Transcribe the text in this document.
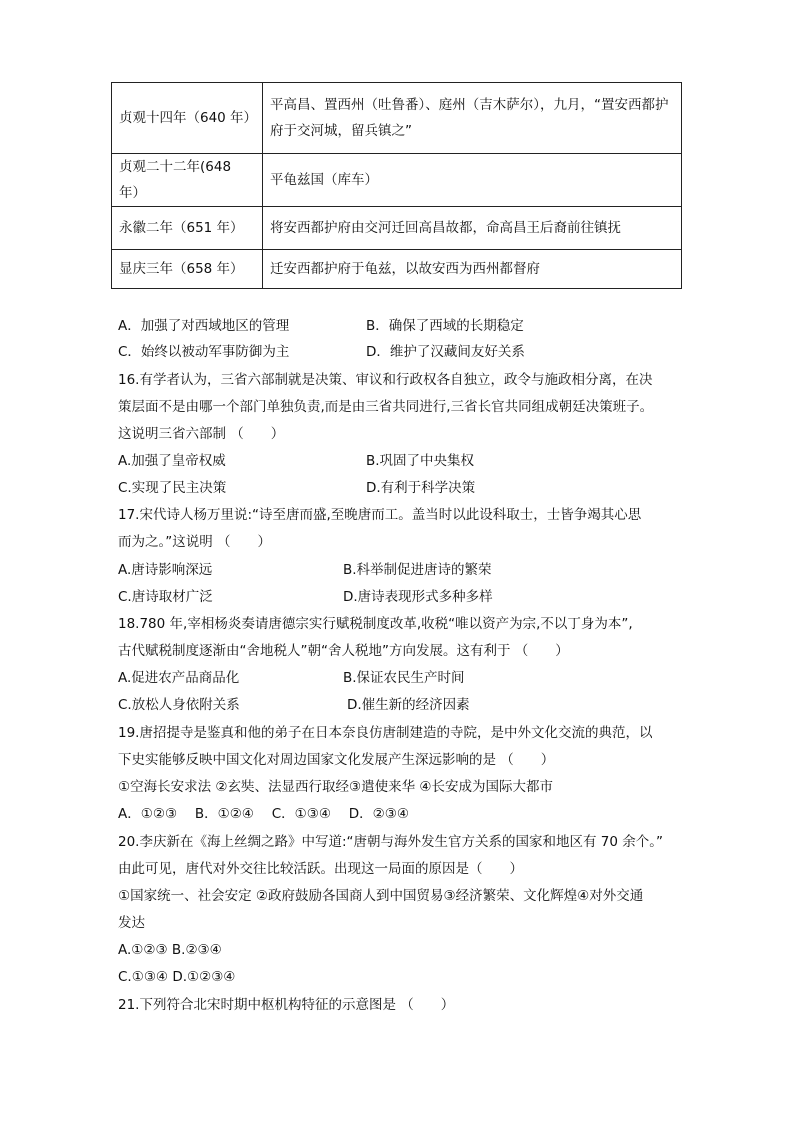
贞观十四年（640 年）	平高昌、置西州（吐鲁番）、庭州（吉木萨尔），九月，“置安西都护府于交河城，留兵镇之”
贞观二十二年(648 年）	平龟兹国（库车）
永徽二年（651 年）	将安西都护府由交河迁回高昌故都，命高昌王后裔前往镇抚
显庆三年（658 年）	迁安西都护府于龟兹，以故安西为西州都督府
A．加强了对西域地区的管理	B．确保了西域的长期稳定
C．始终以被动军事防御为主	D．维护了汉藏间友好关系
16.有学者认为，三省六部制就是决策、审议和行政权各自独立，政令与施政相分离，在决
策层面不是由哪一个部门单独负责,而是由三省共同进行,三省长官共同组成朝廷决策班子。
这说明三省六部制 （　　）
A.加强了皇帝权威	B.巩固了中央集权
C.实现了民主决策	D.有利于科学决策
17.宋代诗人杨万里说:“诗至唐而盛,至晚唐而工。盖当时以此设科取士，士皆争竭其心思
而为之。”这说明 （　　）
A.唐诗影响深远	B.科举制促进唐诗的繁荣
C.唐诗取材广泛	D.唐诗表现形式多种多样
18.780 年,宰相杨炎奏请唐德宗实行赋税制度改革,收税“唯以资产为宗,不以丁身为本”,
古代赋税制度逐渐由“舍地税人”朝“舍人税地”方向发展。这有利于 （　　）
A.促进农产品商品化	B.保证农民生产时间
C.放松人身依附关系	D.催生新的经济因素
19.唐招提寺是鉴真和他的弟子在日本奈良仿唐制建造的寺院，是中外文化交流的典范，以
下史实能够反映中国文化对周边国家文化发展产生深远影响的是 （　　）
①空海长安求法 ②玄奘、法显西行取经③遣使来华 ④长安成为国际大都市
A．①②③　 B．①②④　 C．①③④　 D．②③④
20.李庆新在《海上丝绸之路》中写道:“唐朝与海外发生官方关系的国家和地区有 70 余个。”
由此可见，唐代对外交往比较活跃。出现这一局面的原因是（　　）
①国家统一、社会安定 ②政府鼓励各国商人到中国贸易③经济繁荣、文化辉煌④对外交通
发达
A.①②③ B.②③④
C.①③④ D.①②③④
21.下列符合北宋时期中枢机构特征的示意图是 （　　）
